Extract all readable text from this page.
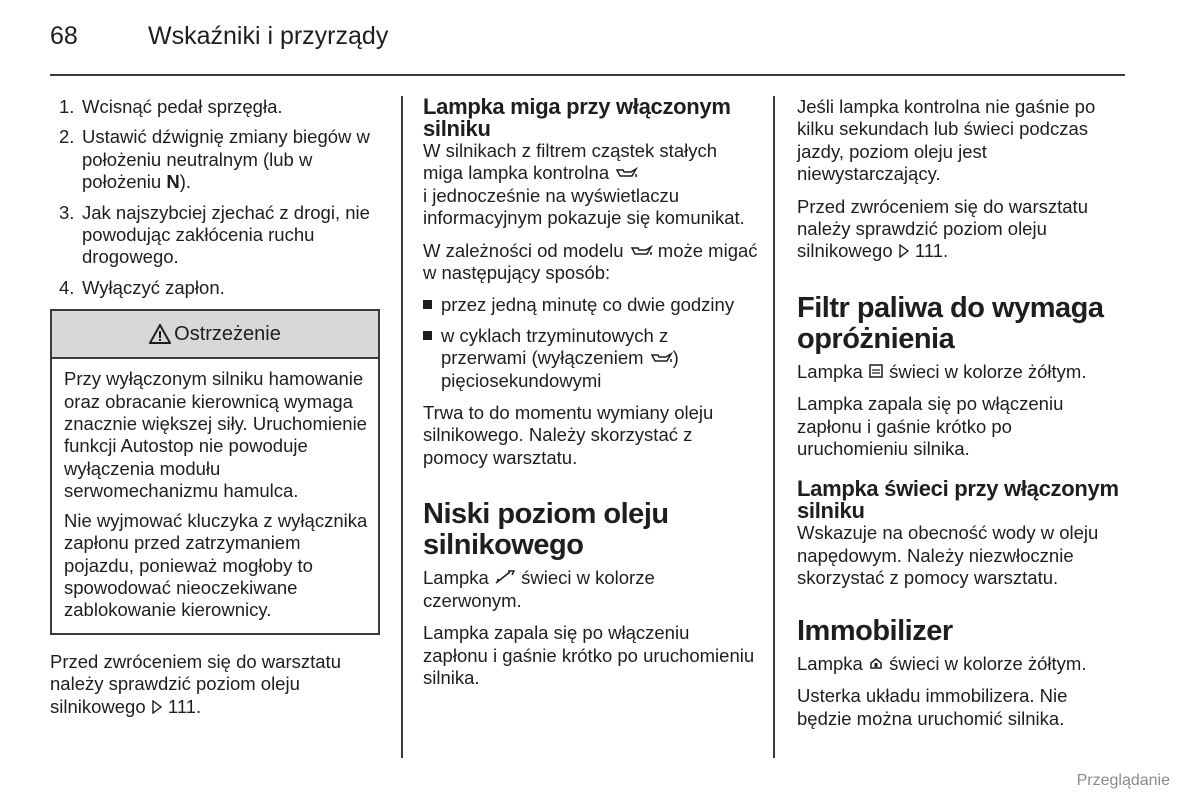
68	Wskaźniki i przyrządy
1. Wcisnąć pedał sprzęgła.
2. Ustawić dźwignię zmiany biegów w położeniu neutralnym (lub w położeniu N).
3. Jak najszybciej zjechać z drogi, nie powodując zakłócenia ruchu drogowego.
4. Wyłączyć zapłon.
Ostrzeżenie

Przy wyłączonym silniku hamowanie oraz obracanie kierownicą wymaga znacznie większej siły. Uruchomienie funkcji Autostop nie powoduje wyłączenia modułu serwomechanizmu hamulca.

Nie wyjmować kluczyka z wyłącznika zapłonu przed zatrzymaniem pojazdu, ponieważ mogłoby to spowodować nieoczekiwane zablokowanie kierownicy.

Przed zwróceniem się do warsztatu należy sprawdzić poziom oleju silnikowego 111.

Lampka miga przy włączonym silniku

W silnikach z filtrem cząstek stałych miga lampka kontrolna
i jednocześnie na wyświetlaczu informacyjnym pokazuje się komunikat.

W zależności od modelu może migać w następujący sposób:

przez jedną minutę co dwie godziny
w cyklach trzyminutowych z przerwami (wyłączeniem ) pięciosekundowymi

Trwa to do momentu wymiany oleju silnikowego. Należy skorzystać z pomocy warsztatu.

Niski poziom oleju silnikowego

Lampka świeci w kolorze czerwonym.

Lampka zapala się po włączeniu zapłonu i gaśnie krótko po uruchomieniu silnika.

Jeśli lampka kontrolna nie gaśnie po kilku sekundach lub świeci podczas jazdy, poziom oleju jest niewystarczający.

Przed zwróceniem się do warsztatu należy sprawdzić poziom oleju silnikowego 111.

Filtr paliwa do wymaga opróżnienia

Lampka świeci w kolorze żółtym.

Lampka zapala się po włączeniu zapłonu i gaśnie krótko po uruchomieniu silnika.

Lampka świeci przy włączonym silniku

Wskazuje na obecność wody w oleju napędowym. Należy niezwłocznie skorzystać z pomocy warsztatu.

Immobilizer

Lampka świeci w kolorze żółtym.

Usterka układu immobilizera. Nie będzie można uruchomić silnika.

Przeglądanie
